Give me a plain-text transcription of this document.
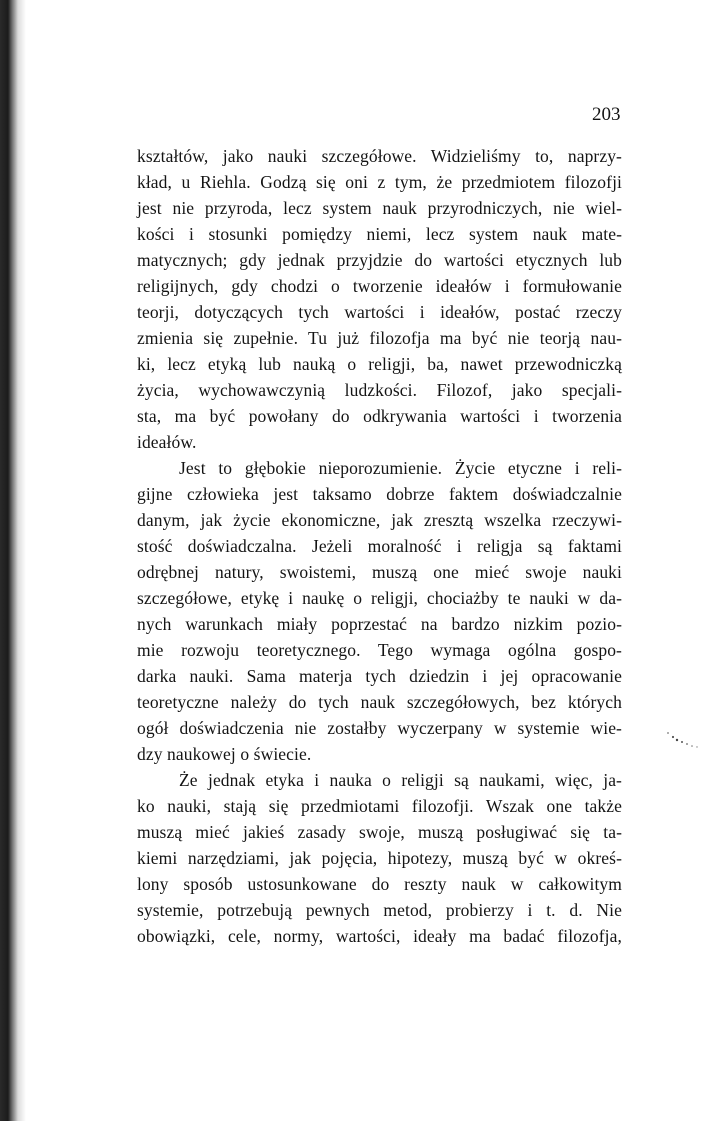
203
kształtów, jako nauki szczegółowe. Widzieliśmy to, naprzy-
kład, u Riehla. Godzą się oni z tym, że przedmiotem filozofji
jest nie przyroda, lecz system nauk przyrodniczych, nie wiel-
kości i stosunki pomiędzy niemi, lecz system nauk mate-
matycznych; gdy jednak przyjdzie do wartości etycznych lub
religijnych, gdy chodzi o tworzenie ideałów i formułowanie
teorji, dotyczących tych wartości i ideałów, postać rzeczy
zmienia się zupełnie. Tu już filozofja ma być nie teorją nau-
ki, lecz etyką lub nauką o religji, ba, nawet przewodniczką
życia, wychowawczynią ludzkości. Filozof, jako specjali-
sta, ma być powołany do odkrywania wartości i tworzenia
ideałów.
Jest to głębokie nieporozumienie. Życie etyczne i reli-
gijne człowieka jest taksamo dobrze faktem doświadczalnie
danym, jak życie ekonomiczne, jak zresztą wszelka rzeczywi-
stość doświadczalna. Jeżeli moralność i religja są faktami
odrębnej natury, swoistemi, muszą one mieć swoje nauki
szczegółowe, etykę i naukę o religji, chociażby te nauki w da-
nych warunkach miały poprzestać na bardzo nizkim pozio-
mie rozwoju teoretycznego. Tego wymaga ogólna gospo-
darka nauki. Sama materja tych dziedzin i jej opracowanie
teoretyczne należy do tych nauk szczegółowych, bez których
ogół doświadczenia nie zostałby wyczerpany w systemie wie-
dzy naukowej o świecie.
Że jednak etyka i nauka o religji są naukami, więc, ja-
ko nauki, stają się przedmiotami filozofji. Wszak one także
muszą mieć jakieś zasady swoje, muszą posługiwać się ta-
kiemi narzędziami, jak pojęcia, hipotezy, muszą być w okreś-
lony sposób ustosunkowane do reszty nauk w całkowitym
systemie, potrzebują pewnych metod, probierzy i t. d. Nie
obowiązki, cele, normy, wartości, ideały ma badać filozofja,
